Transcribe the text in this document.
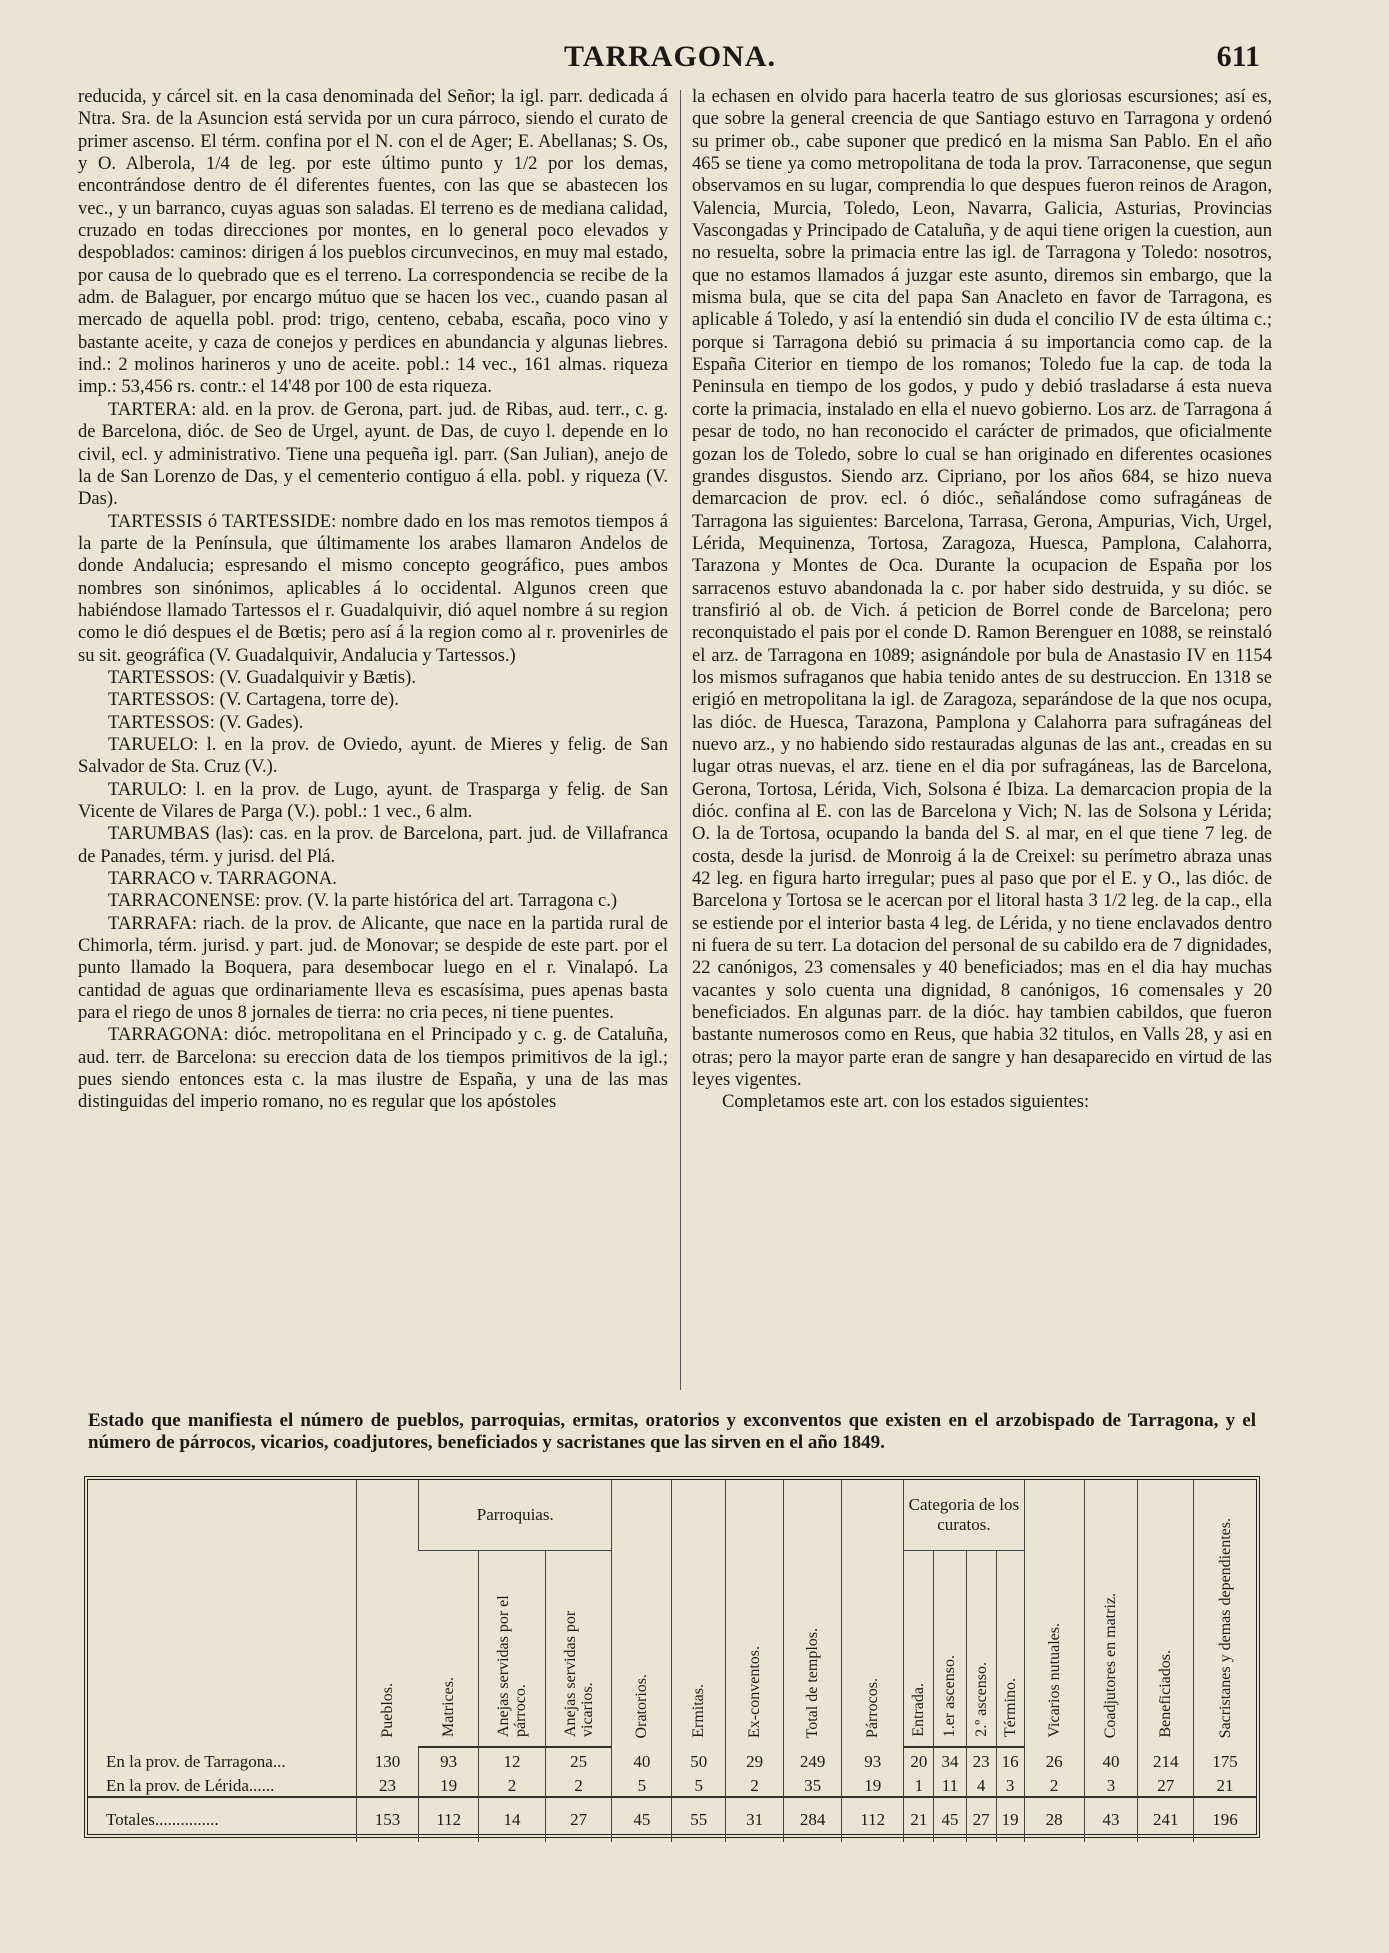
TARRAGONA.	611

reducida, y cárcel sit. en la casa denominada del Señor; la igl. parr. dedicada á Ntra. Sra. de la Asuncion está servida por un cura párroco, siendo el curato de primer ascenso. El térm. confina por el N. con el de Ager; E. Abellanas; S. Os, y O. Alberola, 1/4 de leg. por este último punto y 1/2 por los demas, encontrándose dentro de él diferentes fuentes, con las que se abastecen los vec., y un barranco, cuyas aguas son saladas. El terreno es de mediana calidad, cruzado en todas direcciones por montes, en lo general poco elevados y despoblados: caminos: dirigen á los pueblos circunvecinos, en muy mal estado, por causa de lo quebrado que es el terreno. La correspondencia se recibe de la adm. de Balaguer, por encargo mútuo que se hacen los vec., cuando pasan al mercado de aquella pobl. prod: trigo, centeno, cebaba, escaña, poco vino y bastante aceite, y caza de conejos y perdices en abundancia y algunas liebres. ind.: 2 molinos harineros y uno de aceite. pobl.: 14 vec., 161 almas. riqueza imp.: 53,456 rs. contr.: el 14'48 por 100 de esta riqueza.

TARTERA: ald. en la prov. de Gerona, part. jud. de Ribas, aud. terr., c. g. de Barcelona, dióc. de Seo de Urgel, ayunt. de Das, de cuyo l. depende en lo civil, ecl. y administrativo. Tiene una pequeña igl. parr. (San Julian), anejo de la de San Lorenzo de Das, y el cementerio contiguo á ella. pobl. y riqueza (V. Das).

TARTESSIS ó TARTESSIDE: nombre dado en los mas remotos tiempos á la parte de la Península, que últimamente los arabes llamaron Andelos de donde Andalucia; espresando el mismo concepto geográfico, pues ambos nombres son sinónimos, aplicables á lo occidental. Algunos creen que habiéndose llamado Tartessos el r. Guadalquivir, dió aquel nombre á su region como le dió despues el de Bœtis; pero así á la region como al r. provenirles de su sit. geográfica (V. Guadalquivir, Andalucia y Tartessos.)

TARTESSOS: (V. Guadalquivir y Bætis).

TARTESSOS: (V. Cartagena, torre de).

TARTESSOS: (V. Gades).

TARUELO: l. en la prov. de Oviedo, ayunt. de Mieres y felig. de San Salvador de Sta. Cruz (V.).

TARULO: l. en la prov. de Lugo, ayunt. de Trasparga y felig. de San Vicente de Vilares de Parga (V.). pobl.: 1 vec., 6 alm.

TARUMBAS (las): cas. en la prov. de Barcelona, part. jud. de Villafranca de Panades, térm. y jurisd. del Plá.

TARRACO v. TARRAGONA.

TARRACONENSE: prov. (V. la parte histórica del art. Tarragona c.)

TARRAFA: riach. de la prov. de Alicante, que nace en la partida rural de Chimorla, térm. jurisd. y part. jud. de Monovar; se despide de este part. por el punto llamado la Boquera, para desembocar luego en el r. Vinalapó. La cantidad de aguas que ordinariamente lleva es escasísima, pues apenas basta para el riego de unos 8 jornales de tierra: no cria peces, ni tiene puentes.

TARRAGONA: dióc. metropolitana en el Principado y c. g. de Cataluña, aud. terr. de Barcelona: su ereccion data de los tiempos primitivos de la igl.; pues siendo entonces esta c. la mas ilustre de España, y una de las mas distinguidas del imperio romano, no es regular que los apóstoles

la echasen en olvido para hacerla teatro de sus gloriosas escursiones; así es, que sobre la general creencia de que Santiago estuvo en Tarragona y ordenó su primer ob., cabe suponer que predicó en la misma San Pablo. En el año 465 se tiene ya como metropolitana de toda la prov. Tarraconense, que segun observamos en su lugar, comprendia lo que despues fueron reinos de Aragon, Valencia, Murcia, Toledo, Leon, Navarra, Galicia, Asturias, Provincias Vascongadas y Principado de Cataluña, y de aqui tiene origen la cuestion, aun no resuelta, sobre la primacia entre las igl. de Tarragona y Toledo: nosotros, que no estamos llamados á juzgar este asunto, diremos sin embargo, que la misma bula, que se cita del papa San Anacleto en favor de Tarragona, es aplicable á Toledo, y así la entendió sin duda el concilio IV de esta última c.; porque si Tarragona debió su primacia á su importancia como cap. de la España Citerior en tiempo de los romanos; Toledo fue la cap. de toda la Peninsula en tiempo de los godos, y pudo y debió trasladarse á esta nueva corte la primacia, instalado en ella el nuevo gobierno. Los arz. de Tarragona á pesar de todo, no han reconocido el carácter de primados, que oficialmente gozan los de Toledo, sobre lo cual se han originado en diferentes ocasiones grandes disgustos. Siendo arz. Cipriano, por los años 684, se hizo nueva demarcacion de prov. ecl. ó dióc., señalándose como sufragáneas de Tarragona las siguientes: Barcelona, Tarrasa, Gerona, Ampurias, Vich, Urgel, Lérida, Mequinenza, Tortosa, Zaragoza, Huesca, Pamplona, Calahorra, Tarazona y Montes de Oca. Durante la ocupacion de España por los sarracenos estuvo abandonada la c. por haber sido destruida, y su dióc. se transfirió al ob. de Vich. á peticion de Borrel conde de Barcelona; pero reconquistado el pais por el conde D. Ramon Berenguer en 1088, se reinstaló el arz. de Tarragona en 1089; asignándole por bula de Anastasio IV en 1154 los mismos sufraganos que habia tenido antes de su destruccion. En 1318 se erigió en metropolitana la igl. de Zaragoza, separándose de la que nos ocupa, las dióc. de Huesca, Tarazona, Pamplona y Calahorra para sufragáneas del nuevo arz., y no habiendo sido restauradas algunas de las ant., creadas en su lugar otras nuevas, el arz. tiene en el dia por sufragáneas, las de Barcelona, Gerona, Tortosa, Lérida, Vich, Solsona é Ibiza. La demarcacion propia de la dióc. confina al E. con las de Barcelona y Vich; N. las de Solsona y Lérida; O. la de Tortosa, ocupando la banda del S. al mar, en el que tiene 7 leg. de costa, desde la jurisd. de Monroig á la de Creixel: su perímetro abraza unas 42 leg. en figura harto irregular; pues al paso que por el E. y O., las dióc. de Barcelona y Tortosa se le acercan por el litoral hasta 3 1/2 leg. de la cap., ella se estiende por el interior basta 4 leg. de Lérida, y no tiene enclavados dentro ni fuera de su terr. La dotacion del personal de su cabildo era de 7 dignidades, 22 canónigos, 23 comensales y 40 beneficiados; mas en el dia hay muchas vacantes y solo cuenta una dignidad, 8 canónigos, 16 comensales y 20 beneficiados. En algunas parr. de la dióc. hay tambien cabildos, que fueron bastante numerosos como en Reus, que habia 32 titulos, en Valls 28, y asi en otras; pero la mayor parte eran de sangre y han desaparecido en virtud de las leyes vigentes.

Completamos este art. con los estados siguientes:

Estado que manifiesta el número de pueblos, parroquias, ermitas, oratorios y exconventos que existen en el arzobispado de Tarragona, y el número de párrocos, vicarios, coadjutores, beneficiados y sacristanes que las sirven en el año 1849.
	Pueblos.	Parroquias.			Oratorios.	Ermitas.	Ex-conventos.	Total de templos.	Párrocos.	Categoria de los curatos.				Vicarios nutuales.	Coadjutores en matriz.	Beneficiados.	Sacristanes y demas dependientes.
		Matrices.	Anejas servidas por el párroco.	Anejas servidas por vicarios.						Entrada.	1.er ascenso.	2.º ascenso.	Término.				
En la prov. de Tarragona...	130	93	12	25	40	50	29	249	93	20	34	23	16	26	40	214	175
En la prov. de Lérida......	23	19	2	2	5	5	2	35	19	1	11	4	3	2	3	27	21
Totales...............	153	112	14	27	45	55	31	284	112	21	45	27	19	28	43	241	196
